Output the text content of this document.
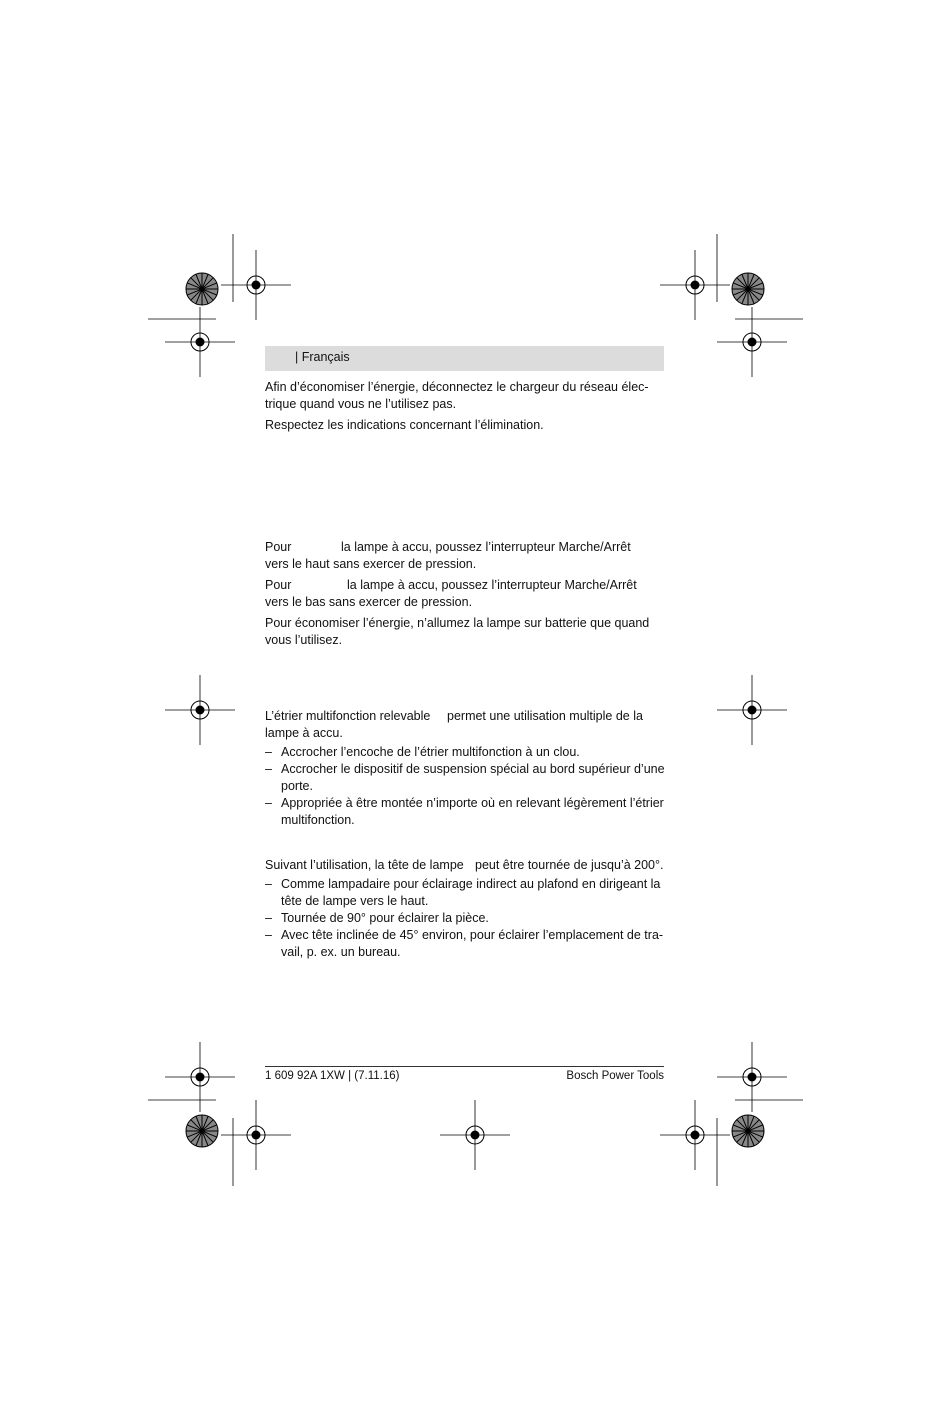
| Français

Afin d’économiser l’énergie, déconnectez le chargeur du réseau élec-

trique quand vous ne l’utilisez pas.

Respectez les indications concernant l’élimination.

Pour	la lampe à accu, poussez l’interrupteur Marche/Arrêt

vers le haut sans exercer de pression.

Pour	la lampe à accu, poussez l’interrupteur Marche/Arrêt

vers le bas sans exercer de pression.

Pour économiser l’énergie, n’allumez la lampe sur batterie que quand

vous l’utilisez.

L’étrier multifonction relevable permet une utilisation multiple de la

lampe à accu.

– Accrocher l’encoche de l’étrier multifonction à un clou.
– Accrocher le dispositif de suspension spécial au bord supérieur d’une
porte.
– Appropriée à être montée n’importe où en relevant légèrement l’étrier
multifonction.

Suivant l’utilisation, la tête de lampe peut être tournée de jusqu’à 200°.

– Comme lampadaire pour éclairage indirect au plafond en dirigeant la
tête de lampe vers le haut.
– Tournée de 90° pour éclairer la pièce.
– Avec tête inclinée de 45° environ, pour éclairer l’emplacement de tra-
vail, p. ex. un bureau.
1 609 92A 1XW | (7.11.16)	Bosch Power Tools
